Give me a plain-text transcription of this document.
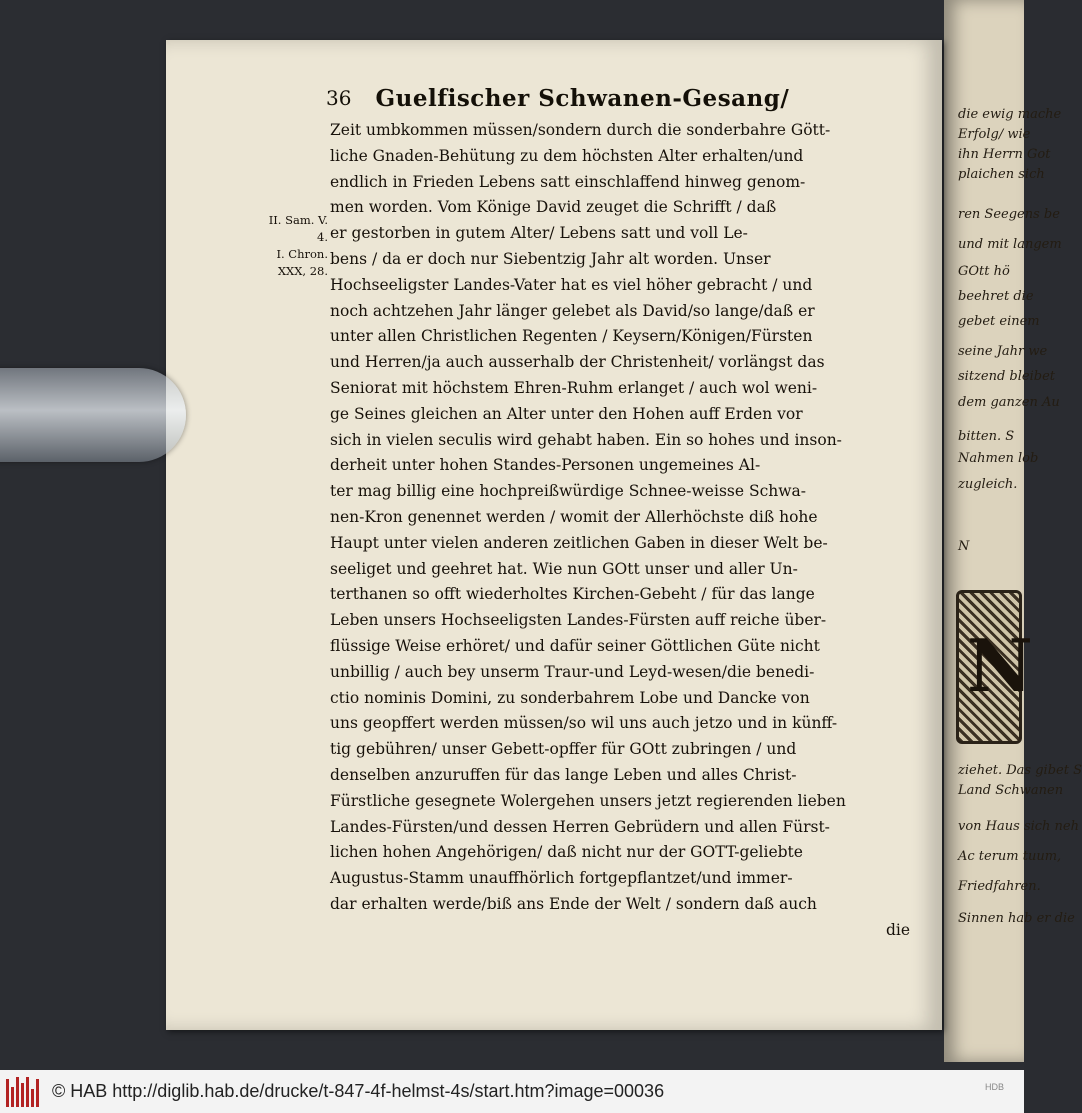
die ewig mache
Erfolg/ wie
ihn Herrn Got
plaichen sich
ren Seegens be
und mit langem
GOtt hö
beehret die
gebet einem
seine Jahr we
sitzend bleibet
dem ganzen Au
bitten. S
Nahmen lob
zugleich.
N
ziehet. Das gibet S
Land Schwanen
von Haus sich neh
Ac terum tuum,
Friedfahren.
Sinnen hab er die
N
36 Guelfischer Schwanen-Gesang/
II. Sam. V.
4.
I. Chron.
XXX, 28.
Zeit umbkommen müssen/sondern durch die sonderbahre Gött-
liche Gnaden-Behütung zu dem höchsten Alter erhalten/und
endlich in Frieden Lebens satt einschlaffend hinweg genom-
men worden. Vom Könige David zeuget die Schrifft / daß
er gestorben in gutem Alter/ Lebens satt und voll Le-
bens / da er doch nur Siebentzig Jahr alt worden. Unser
Hochseeligster Landes-Vater hat es viel höher gebracht / und
noch achtzehen Jahr länger gelebet als David/so lange/daß er
unter allen Christlichen Regenten / Keysern/Königen/Fürsten
und Herren/ja auch ausserhalb der Christenheit/ vorlängst das
Seniorat mit höchstem Ehren-Ruhm erlanget / auch wol weni-
ge Seines gleichen an Alter unter den Hohen auff Erden vor
sich in vielen seculis wird gehabt haben. Ein so hohes und inson-
derheit unter hohen Standes-Personen ungemeines Al-
ter mag billig eine hochpreißwürdige Schnee-weisse Schwa-
nen-Kron genennet werden / womit der Allerhöchste diß hohe
Haupt unter vielen anderen zeitlichen Gaben in dieser Welt be-
seeliget und geehret hat. Wie nun GOtt unser und aller Un-
terthanen so offt wiederholtes Kirchen-Gebeht / für das lange
Leben unsers Hochseeligsten Landes-Fürsten auff reiche über-
flüssige Weise erhöret/ und dafür seiner Göttlichen Güte nicht
unbillig / auch bey unserm Traur-und Leyd-wesen/die benedi-
ctio nominis Domini, zu sonderbahrem Lobe und Dancke von
uns geopffert werden müssen/so wil uns auch jetzo und in künff-
tig gebühren/ unser Gebett-opffer für GOtt zubringen / und
denselben anzuruffen für das lange Leben und alles Christ-
Fürstliche gesegnete Wolergehen unsers jetzt regierenden lieben
Landes-Fürsten/und dessen Herren Gebrüdern und allen Fürst-
lichen hohen Angehörigen/ daß nicht nur der GOTT-geliebte
Augustus-Stamm unauffhörlich fortgepflantzet/und immer-
dar erhalten werde/biß ans Ende der Welt / sondern daß auch
die
© HAB http://diglib.hab.de/drucke/t-847-4f-helmst-4s/start.htm?image=00036	HDB
